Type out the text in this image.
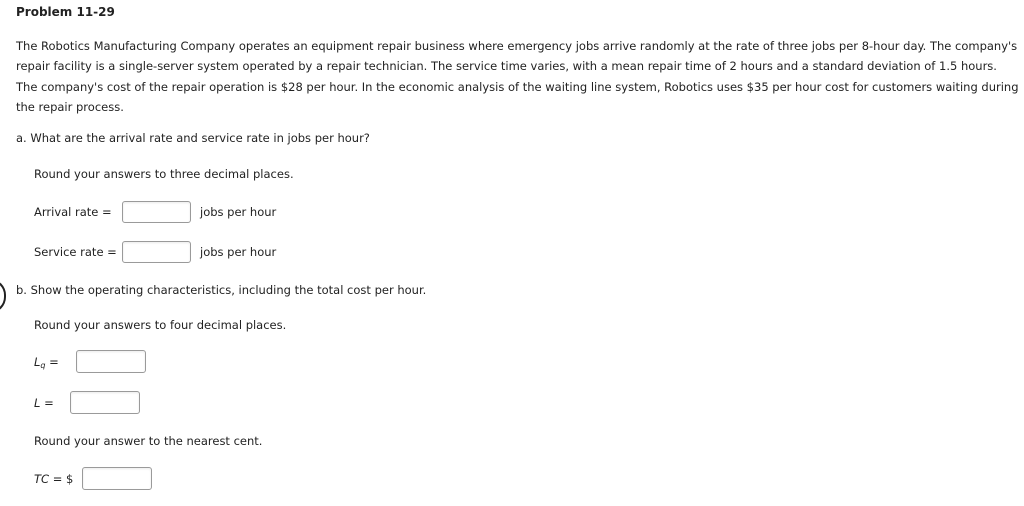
Problem 11-29
The Robotics Manufacturing Company operates an equipment repair business where emergency jobs arrive randomly at the rate of three jobs per 8-hour day. The company's repair facility is a single-server system operated by a repair technician. The service time varies, with a mean repair time of 2 hours and a standard deviation of 1.5 hours. The company's cost of the repair operation is $28 per hour. In the economic analysis of the waiting line system, Robotics uses $35 per hour cost for customers waiting during the repair process.
a. What are the arrival rate and service rate in jobs per hour?
Round your answers to three decimal places.
Arrival rate =	jobs per hour
Service rate =	jobs per hour
b. Show the operating characteristics, including the total cost per hour.
Round your answers to four decimal places.
$L_q$ =
L =
Round your answer to the nearest cent.
TC = $
